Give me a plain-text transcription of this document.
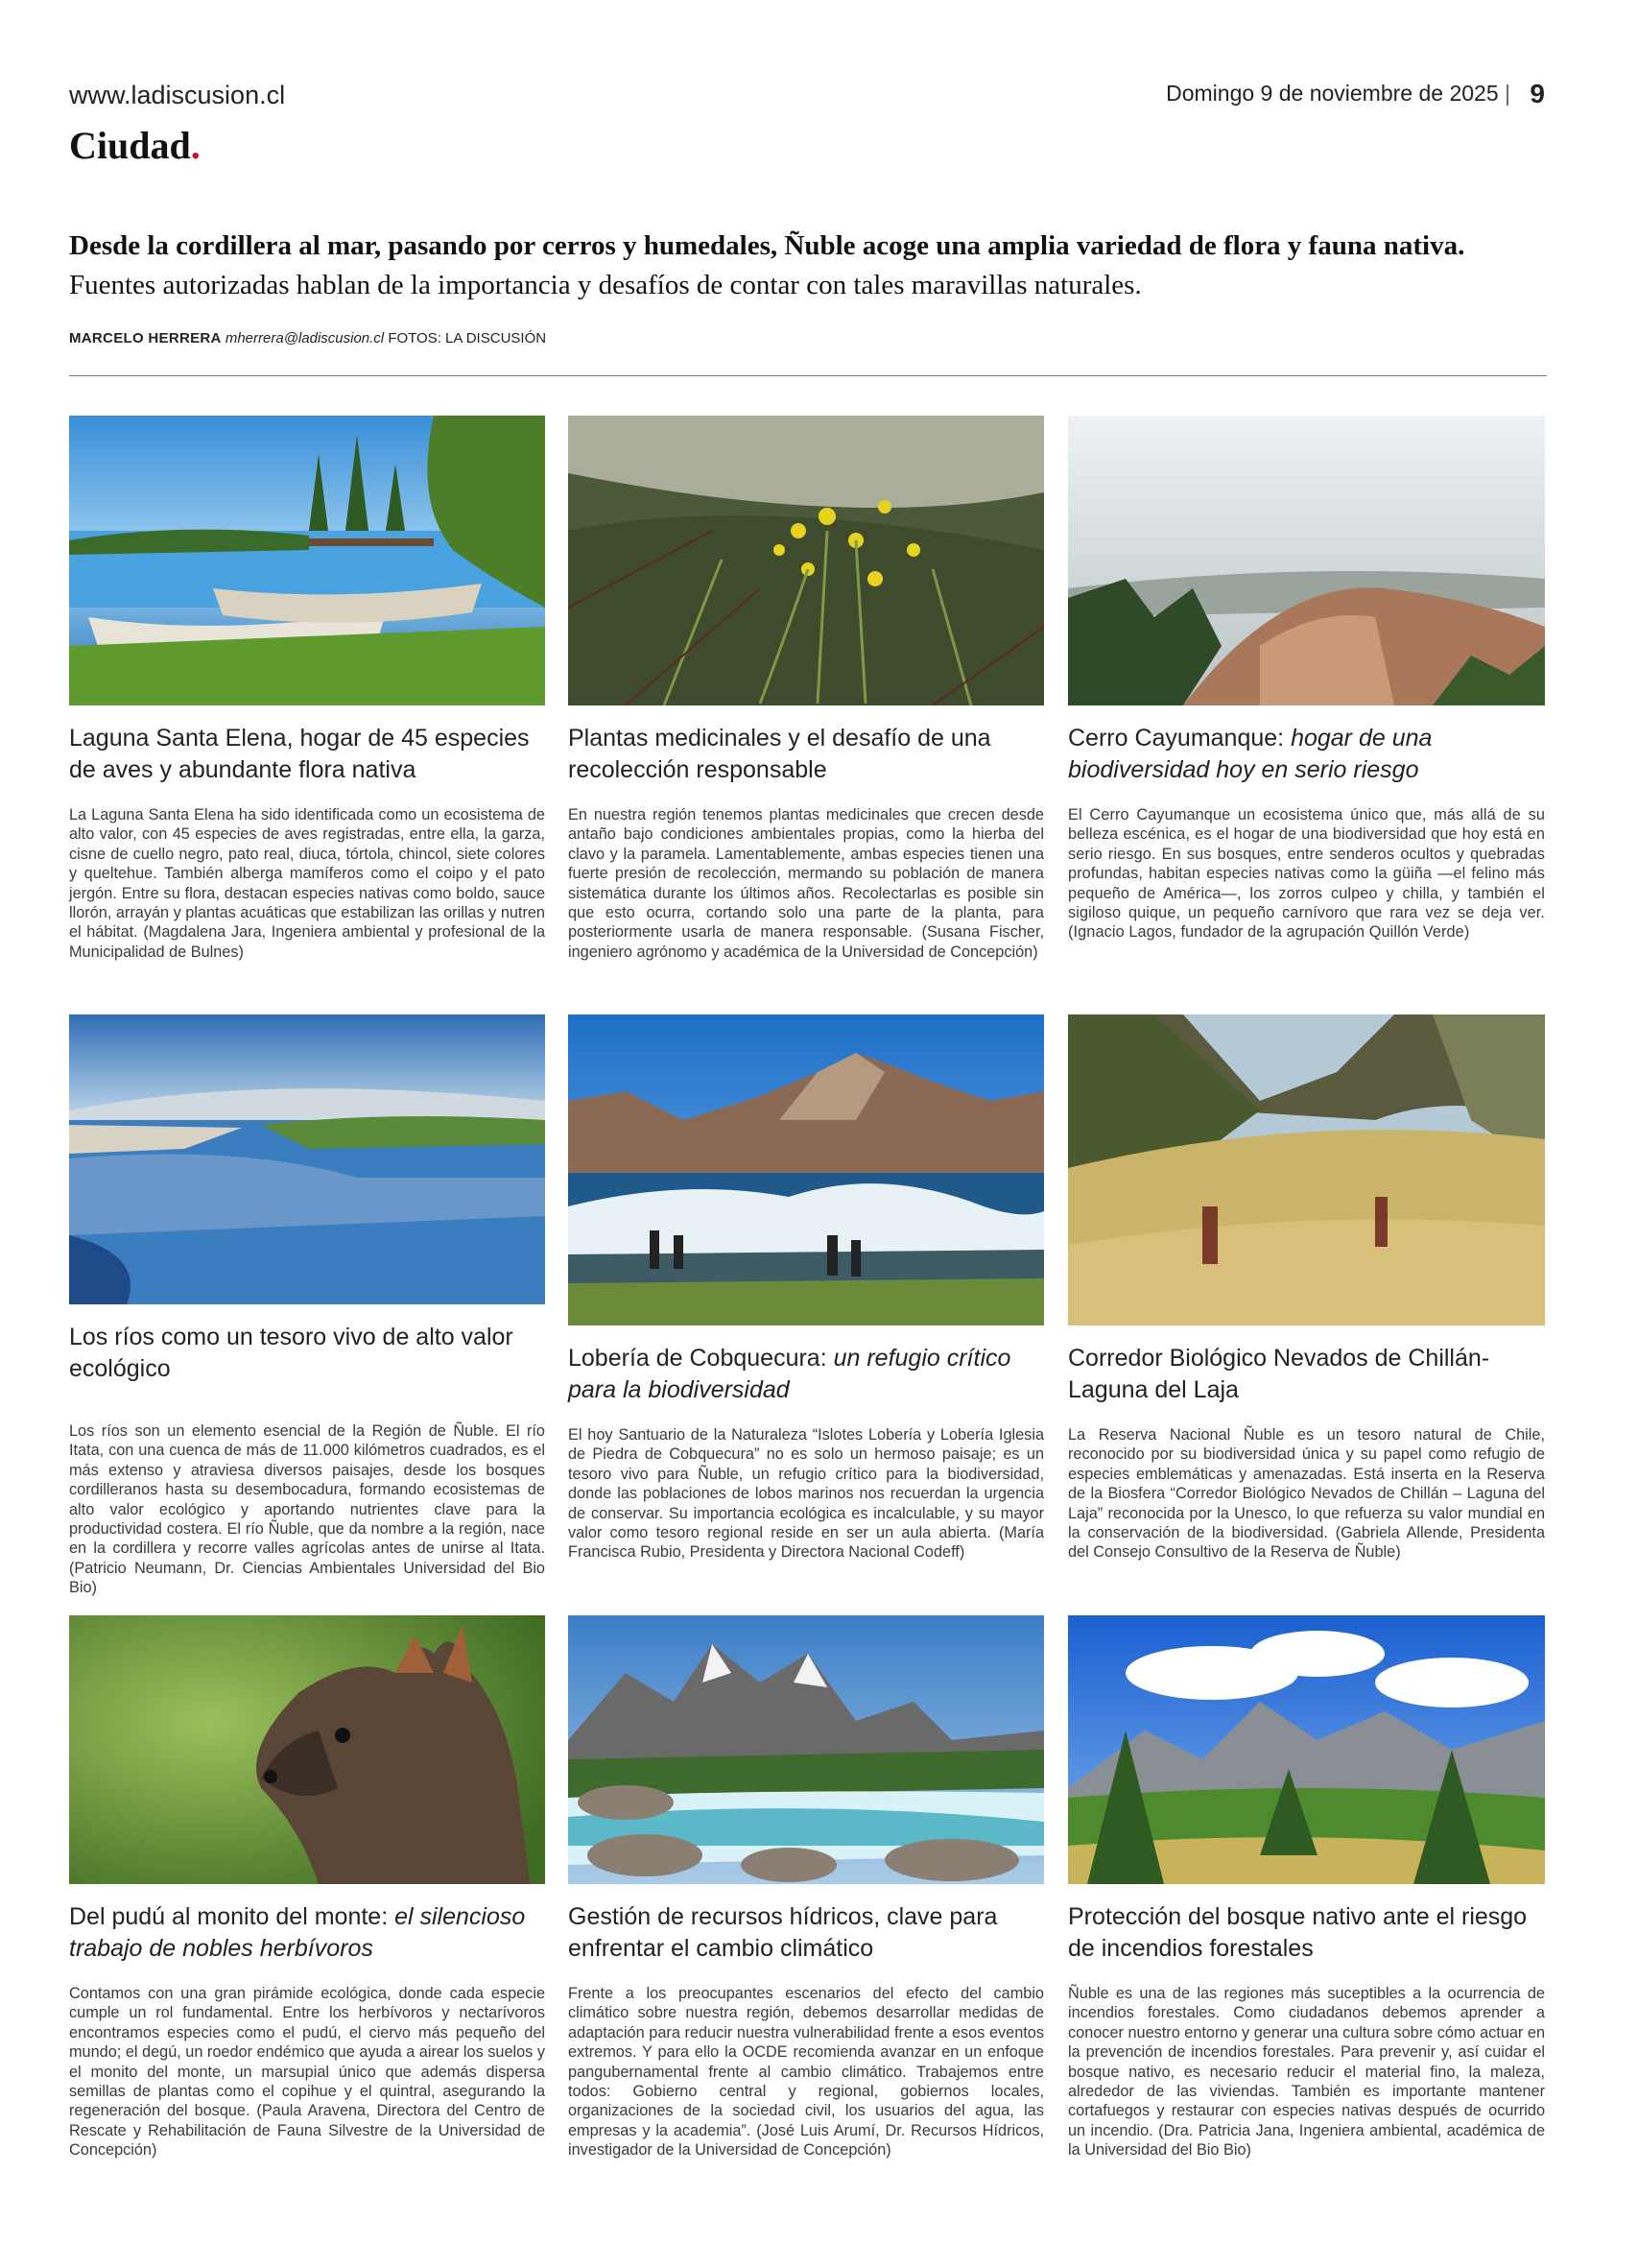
www.ladiscusion.cl
Ciudad.
Domingo 9 de noviembre de 2025 | 9
Desde la cordillera al mar, pasando por cerros y humedales, Ñuble acoge una amplia variedad de flora y fauna nativa. Fuentes autorizadas hablan de la importancia y desafíos de contar con tales maravillas naturales.
MARCELO HERRERA mherrera@ladiscusion.cl FOTOS: LA DISCUSIÓN
Laguna Santa Elena, hogar de 45 especies de aves y abundante flora nativa
La Laguna Santa Elena ha sido identificada como un ecosistema de alto valor, con 45 especies de aves registradas, entre ella, la garza, cisne de cuello negro, pato real, diuca, tórtola, chincol, siete colores y queltehue. También alberga mamíferos como el coipo y el pato jergón. Entre su flora, destacan especies nativas como boldo, sauce llorón, arrayán y plantas acuáticas que estabilizan las orillas y nutren el hábitat. (Magdalena Jara, Ingeniera ambiental y profesional de la Municipalidad de Bulnes)
Plantas medicinales y el desafío de una recolección responsable
En nuestra región tenemos plantas medicinales que crecen desde antaño bajo condiciones ambientales propias, como la hierba del clavo y la paramela. Lamentablemente, ambas especies tienen una fuerte presión de recolección, mermando su población de manera sistemática durante los últimos años. Recolectarlas es posible sin que esto ocurra, cortando solo una parte de la planta, para posteriormente usarla de manera responsable. (Susana Fischer, ingeniero agrónomo y académica de la Universidad de Concepción)
Cerro Cayumanque: hogar de una biodiversidad hoy en serio riesgo
El Cerro Cayumanque un ecosistema único que, más allá de su belleza escénica, es el hogar de una biodiversidad que hoy está en serio riesgo. En sus bosques, entre senderos ocultos y quebradas profundas, habitan especies nativas como la güiña —el felino más pequeño de América—, los zorros culpeo y chilla, y también el sigiloso quique, un pequeño carnívoro que rara vez se deja ver. (Ignacio Lagos, fundador de la agrupación Quillón Verde)
Los ríos como un tesoro vivo de alto valor ecológico
Los ríos son un elemento esencial de la Región de Ñuble. El río Itata, con una cuenca de más de 11.000 kilómetros cuadrados, es el más extenso y atraviesa diversos paisajes, desde los bosques cordilleranos hasta su desembocadura, formando ecosistemas de alto valor ecológico y aportando nutrientes clave para la productividad costera. El río Ñuble, que da nombre a la región, nace en la cordillera y recorre valles agrícolas antes de unirse al Itata. (Patricio Neumann, Dr. Ciencias Ambientales Universidad del Bio Bio)
Lobería de Cobquecura: un refugio crítico para la biodiversidad
El hoy Santuario de la Naturaleza “Islotes Lobería y Lobería Iglesia de Piedra de Cobquecura” no es solo un hermoso paisaje; es un tesoro vivo para Ñuble, un refugio crítico para la biodiversidad, donde las poblaciones de lobos marinos nos recuerdan la urgencia de conservar. Su importancia ecológica es incalculable, y su mayor valor como tesoro regional reside en ser un aula abierta. (María Francisca Rubio, Presidenta y Directora Nacional Codeff)
Corredor Biológico Nevados de Chillán-Laguna del Laja
La Reserva Nacional Ñuble es un tesoro natural de Chile, reconocido por su biodiversidad única y su papel como refugio de especies emblemáticas y amenazadas. Está inserta en la Reserva de la Biosfera “Corredor Biológico Nevados de Chillán – Laguna del Laja” reconocida por la Unesco, lo que refuerza su valor mundial en la conservación de la biodiversidad. (Gabriela Allende, Presidenta del Consejo Consultivo de la Reserva de Ñuble)
Del pudú al monito del monte: el silencioso trabajo de nobles herbívoros
Contamos con una gran pirámide ecológica, donde cada especie cumple un rol fundamental. Entre los herbívoros y nectarívoros encontramos especies como el pudú, el ciervo más pequeño del mundo; el degú, un roedor endémico que ayuda a airear los suelos y el monito del monte, un marsupial único que además dispersa semillas de plantas como el copihue y el quintral, asegurando la regeneración del bosque. (Paula Aravena, Directora del Centro de Rescate y Rehabilitación de Fauna Silvestre de la Universidad de Concepción)
Gestión de recursos hídricos, clave para enfrentar el cambio climático
Frente a los preocupantes escenarios del efecto del cambio climático sobre nuestra región, debemos desarrollar medidas de adaptación para reducir nuestra vulnerabilidad frente a esos eventos extremos. Y para ello la OCDE recomienda avanzar en un enfoque pangubernamental frente al cambio climático. Trabajemos entre todos: Gobierno central y regional, gobiernos locales, organizaciones de la sociedad civil, los usuarios del agua, las empresas y la academia”. (José Luis Arumí, Dr. Recursos Hídricos, investigador de la Universidad de Concepción)
Protección del bosque nativo ante el riesgo de incendios forestales
Ñuble es una de las regiones más suceptibles a la ocurrencia de incendios forestales. Como ciudadanos debemos aprender a conocer nuestro entorno y generar una cultura sobre cómo actuar en la prevención de incendios forestales. Para prevenir y, así cuidar el bosque nativo, es necesario reducir el material fino, la maleza, alrededor de las viviendas. También es importante mantener cortafuegos y restaurar con especies nativas después de ocurrido un incendio. (Dra. Patricia Jana, Ingeniera ambiental, académica de la Universidad del Bio Bio)
